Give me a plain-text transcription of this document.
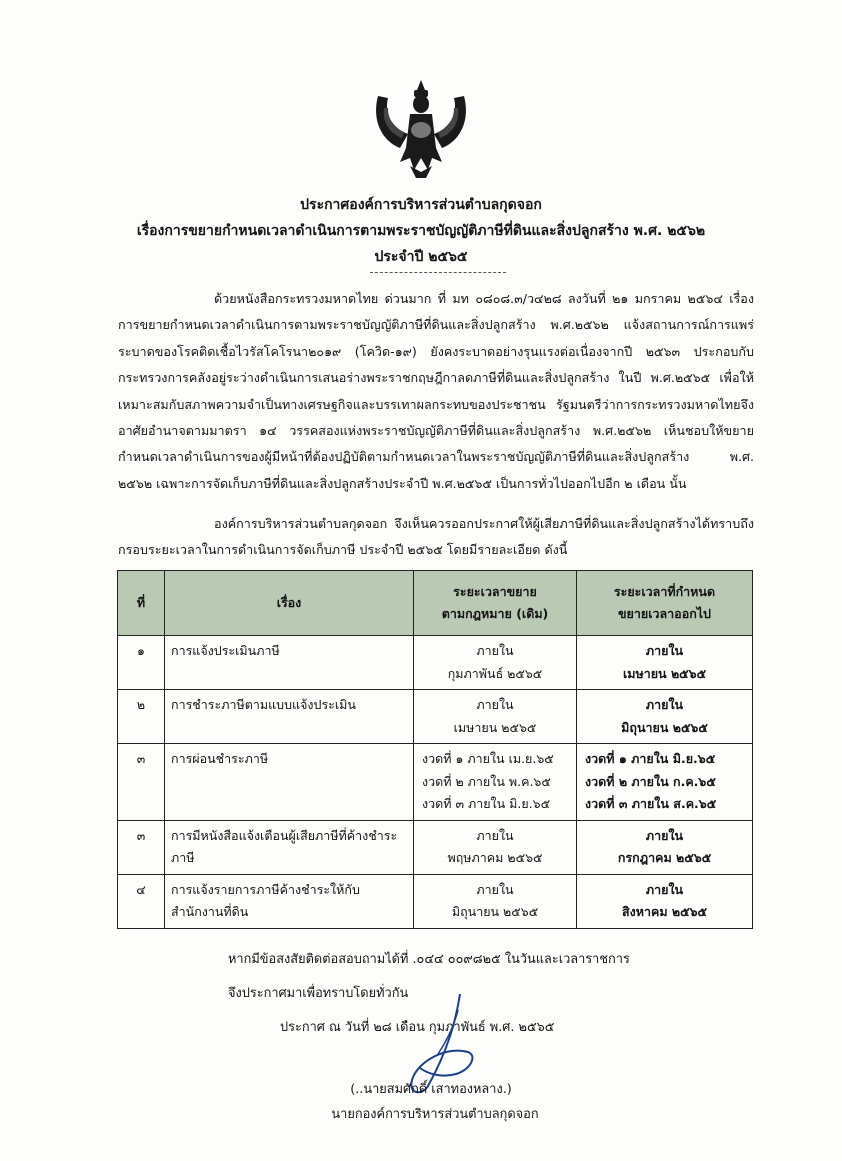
ประกาศองค์การบริหารส่วนตำบลกุดจอก
เรื่องการขยายกำหนดเวลาดำเนินการตามพระราชบัญญัติภาษีที่ดินและสิ่งปลูกสร้าง พ.ศ. ๒๕๖๒
ประจำปี ๒๕๖๕
ด้วยหนังสือกระทรวงมหาดไทย ด่วนมาก ที่ มท ๐๘๐๘.๓/ว๔๒๘ ลงวันที่ ๒๑ มกราคม ๒๕๖๔ เรื่อง การขยายกำหนดเวลาดำเนินการตามพระราชบัญญัติภาษีที่ดินและสิ่งปลูกสร้าง พ.ศ.๒๕๖๒ แจ้งสถานการณ์การแพร่ระบาดของโรคติดเชื้อไวรัสโคโรนา๒๐๑๙ (โควิด-๑๙) ยังคงระบาดอย่างรุนแรงต่อเนื่องจากปี ๒๕๖๓ ประกอบกับกระทรวงการคลังอยู่ระว่างดำเนินการเสนอร่างพระราชกฤษฎีกาลดภาษีที่ดินและสิ่งปลูกสร้าง ในปี พ.ศ.๒๕๖๕ เพื่อให้เหมาะสมกับสภาพความจำเป็นทางเศรษฐกิจและบรรเทาผลกระทบของประชาชน รัฐมนตรีว่าการกระทรวงมหาดไทยจึงอาศัยอำนาจตามมาตรา ๑๔ วรรคสองแห่งพระราชบัญญัติภาษีที่ดินและสิ่งปลูกสร้าง พ.ศ.๒๕๖๒ เห็นชอบให้ขยายกำหนดเวลาดำเนินการของผู้มีหน้าที่ต้องปฏิบัติตามกำหนดเวลาในพระราชบัญญัติภาษีที่ดินและสิ่งปลูกสร้าง พ.ศ. ๒๕๖๒ เฉพาะการจัดเก็บภาษีที่ดินและสิ่งปลูกสร้างประจำปี พ.ศ.๒๕๖๕ เป็นการทั่วไปออกไปอีก ๒ เดือน นั้น
องค์การบริหารส่วนตำบลกุดจอก จึงเห็นควรออกประกาศให้ผู้เสียภาษีที่ดินและสิ่งปลูกสร้างได้ทราบถึงกรอบระยะเวลาในการดำเนินการจัดเก็บภาษี ประจำปี ๒๕๖๕ โดยมีรายละเอียด ดังนี้
ที่	เรื่อง	ระยะเวลาขยาย
ตามกฎหมาย (เดิม)	ระยะเวลาที่กำหนด
ขยายเวลาออกไป

๑	การแจ้งประเมินภาษี	ภายใน
กุมภาพันธ์ ๒๕๖๕	ภายใน
เมษายน ๒๕๖๕

๒	การชำระภาษีตามแบบแจ้งประเมิน	ภายใน
เมษายน ๒๕๖๕	ภายใน
มิถุนายน ๒๕๖๕

๓	การผ่อนชำระภาษี	งวดที่ ๑ ภายใน เม.ย.๖๕
งวดที่ ๒ ภายใน พ.ค.๖๕
งวดที่ ๓ ภายใน มิ.ย.๖๕	งวดที่ ๑ ภายใน มิ.ย.๖๕
งวดที่ ๒ ภายใน ก.ค.๖๕
งวดที่ ๓ ภายใน ส.ค.๖๕

๓	การมีหนังสือแจ้งเตือนผู้เสียภาษีที่ค้างชำระภาษี	ภายใน
พฤษภาคม ๒๕๖๕	ภายใน
กรกฎาคม ๒๕๖๕

๔	การแจ้งรายการภาษีค้างชำระให้กับสำนักงานที่ดิน	ภายใน
มิถุนายน ๒๕๖๕	ภายใน
สิงหาคม ๒๕๖๕
หากมีข้อสงสัยติดต่อสอบถามได้ที่ .๐๔๔ ๐๐๙๘๒๕ ในวันและเวลาราชการ
จึงประกาศมาเพื่อทราบโดยทั่วกัน
ประกาศ ณ วันที่ ๒๘ เดือน กุมภาพันธ์ พ.ศ. ๒๕๖๕
(..นายสมศักดิ์ เสาทองหลาง.)
นายกองค์การบริหารส่วนตำบลกุดจอก
